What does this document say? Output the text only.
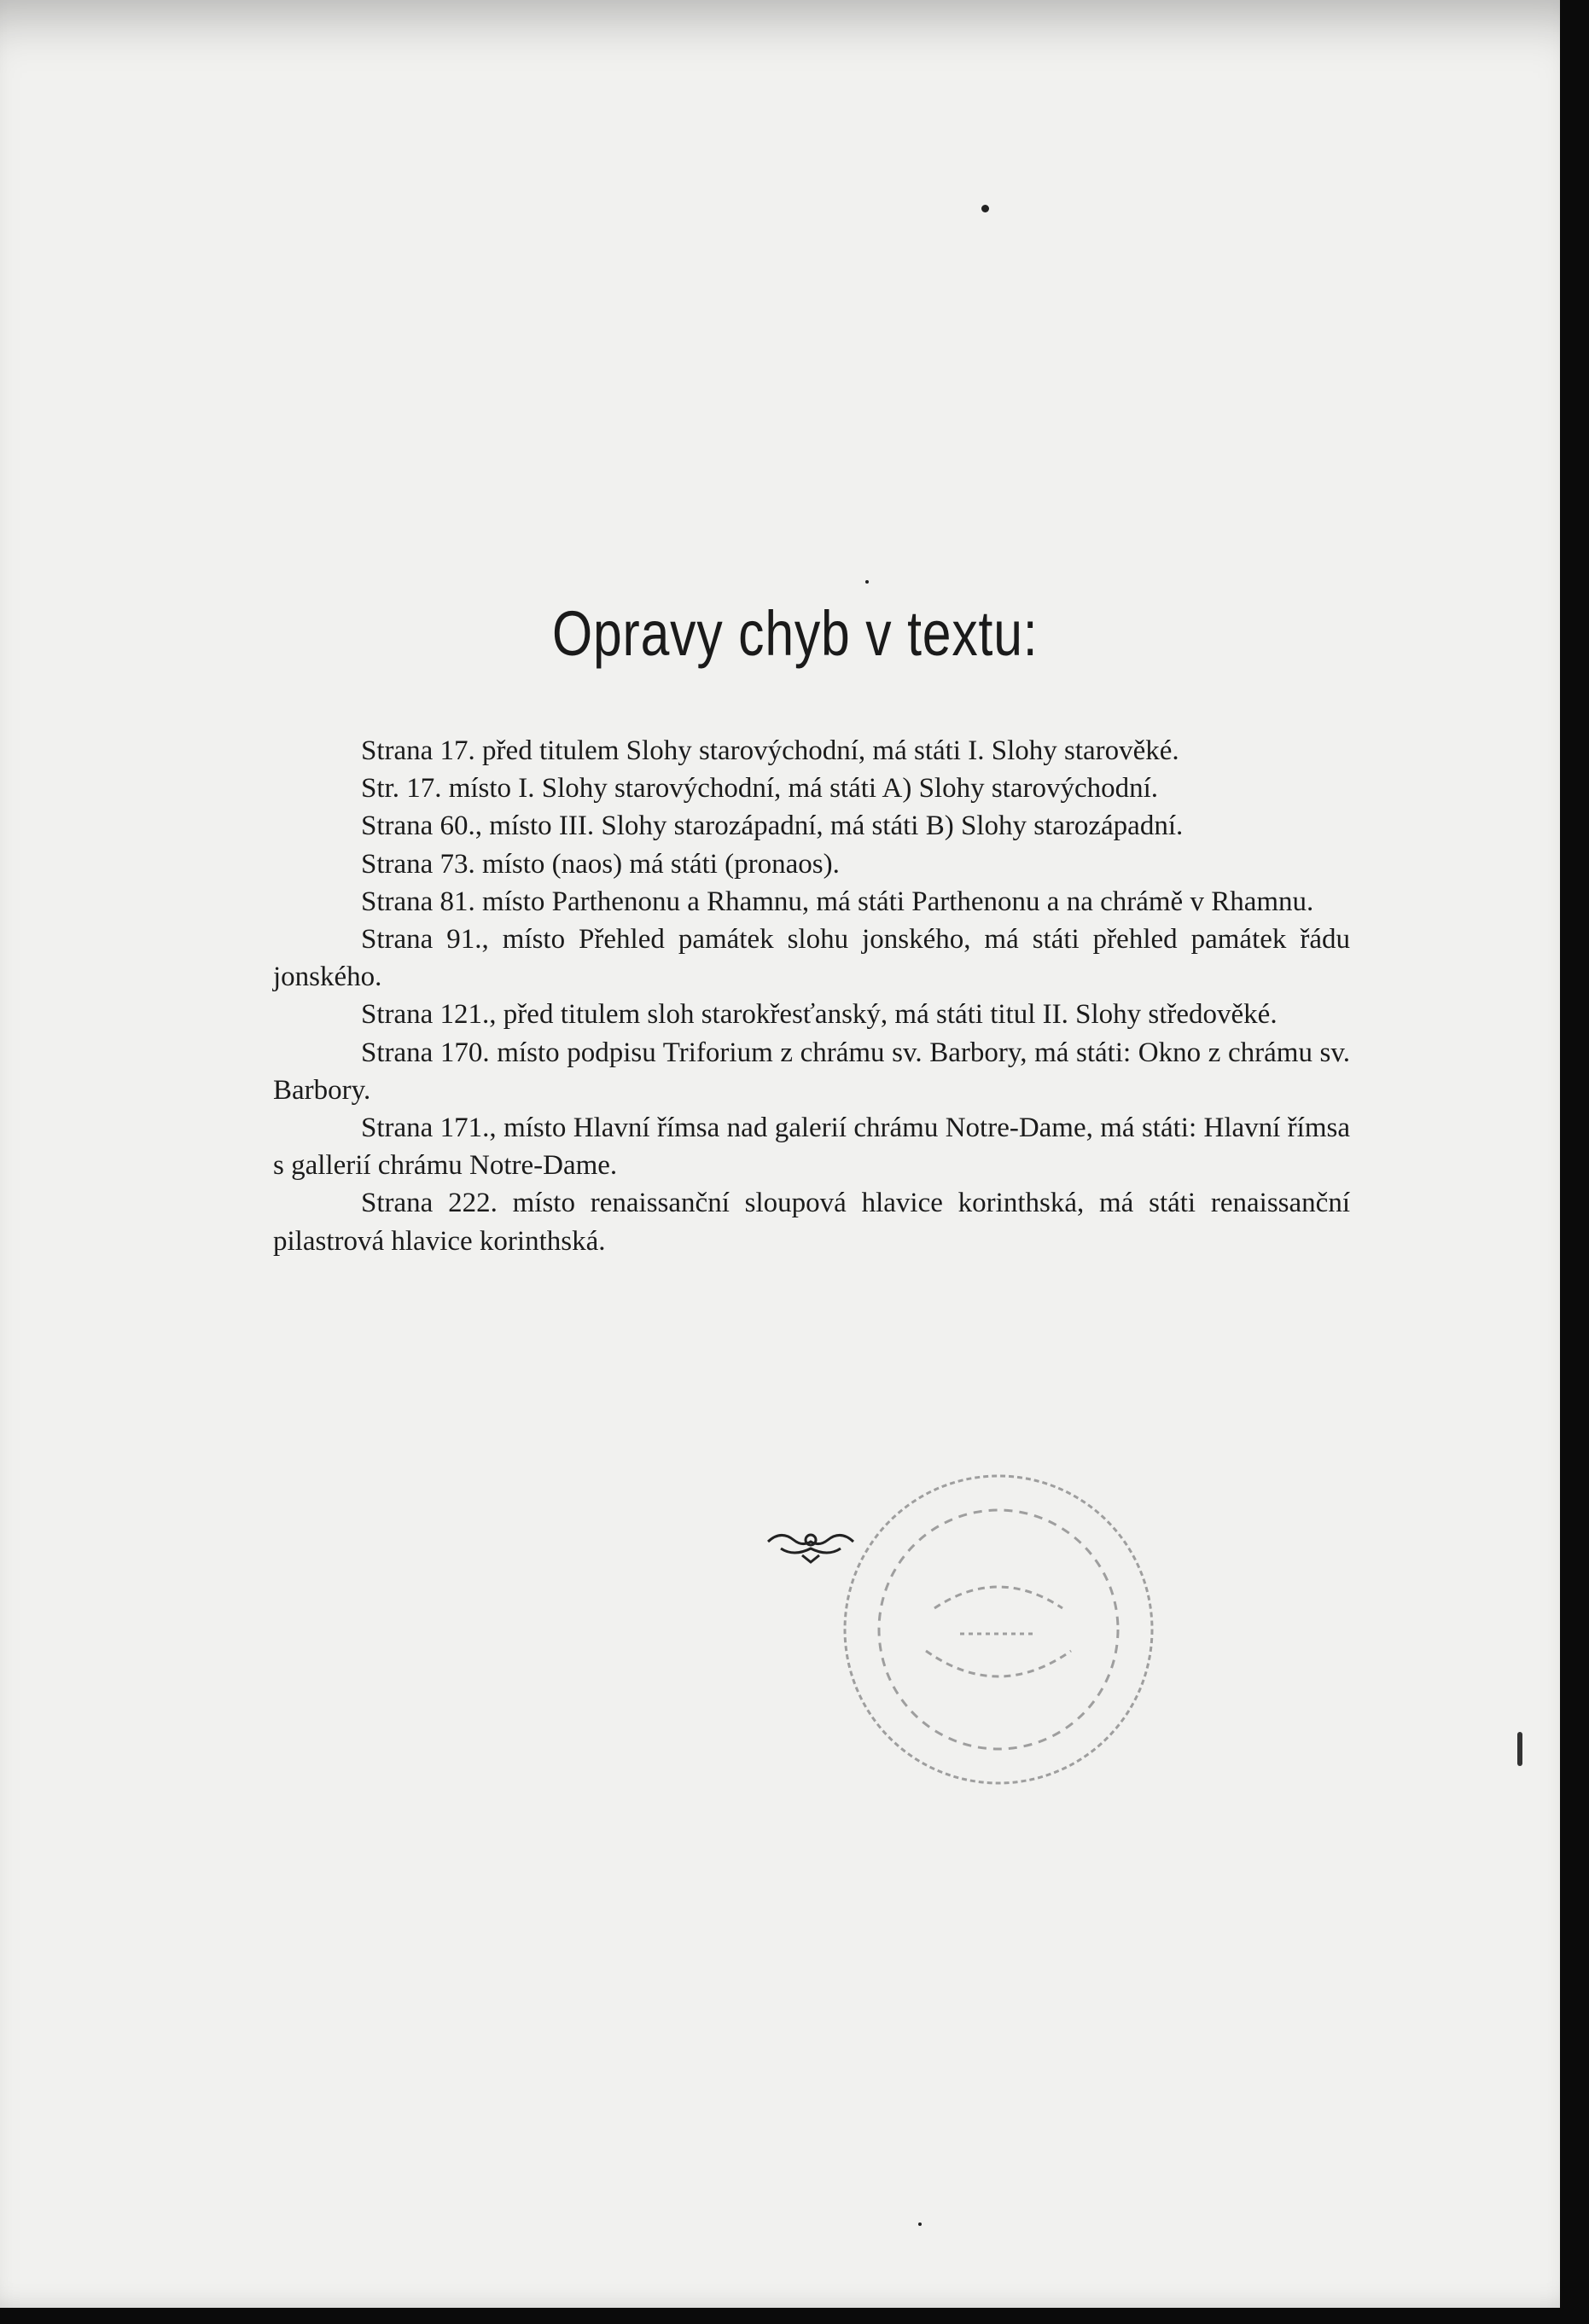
Opravy chyb v textu:

Strana 17. před titulem Slohy starovýchodní, má státi I. Slohy starověké.

Str. 17. místo I. Slohy starovýchodní, má státi A) Slohy starovýchodní.

Strana 60., místo III. Slohy starozápadní, má státi B) Slohy starozápadní.

Strana 73. místo (naos) má státi (pronaos).

Strana 81. místo Parthenonu a Rhamnu, má státi Parthenonu a na chrámě v Rhamnu.

Strana 91., místo Přehled památek slohu jonského, má státi přehled památek řádu jonského.

Strana 121., před titulem sloh starokřesťanský, má státi titul II. Slohy středověké.

Strana 170. místo podpisu Triforium z chrámu sv. Barbory, má státi: Okno z chrámu sv. Barbory.

Strana 171., místo Hlavní římsa nad galerií chrámu Notre-Dame, má státi: Hlavní římsa s gallerií chrámu Notre-Dame.

Strana 222. místo renaissanční sloupová hlavice korinthská, má státi renaissanční pilastrová hlavice korinthská.
